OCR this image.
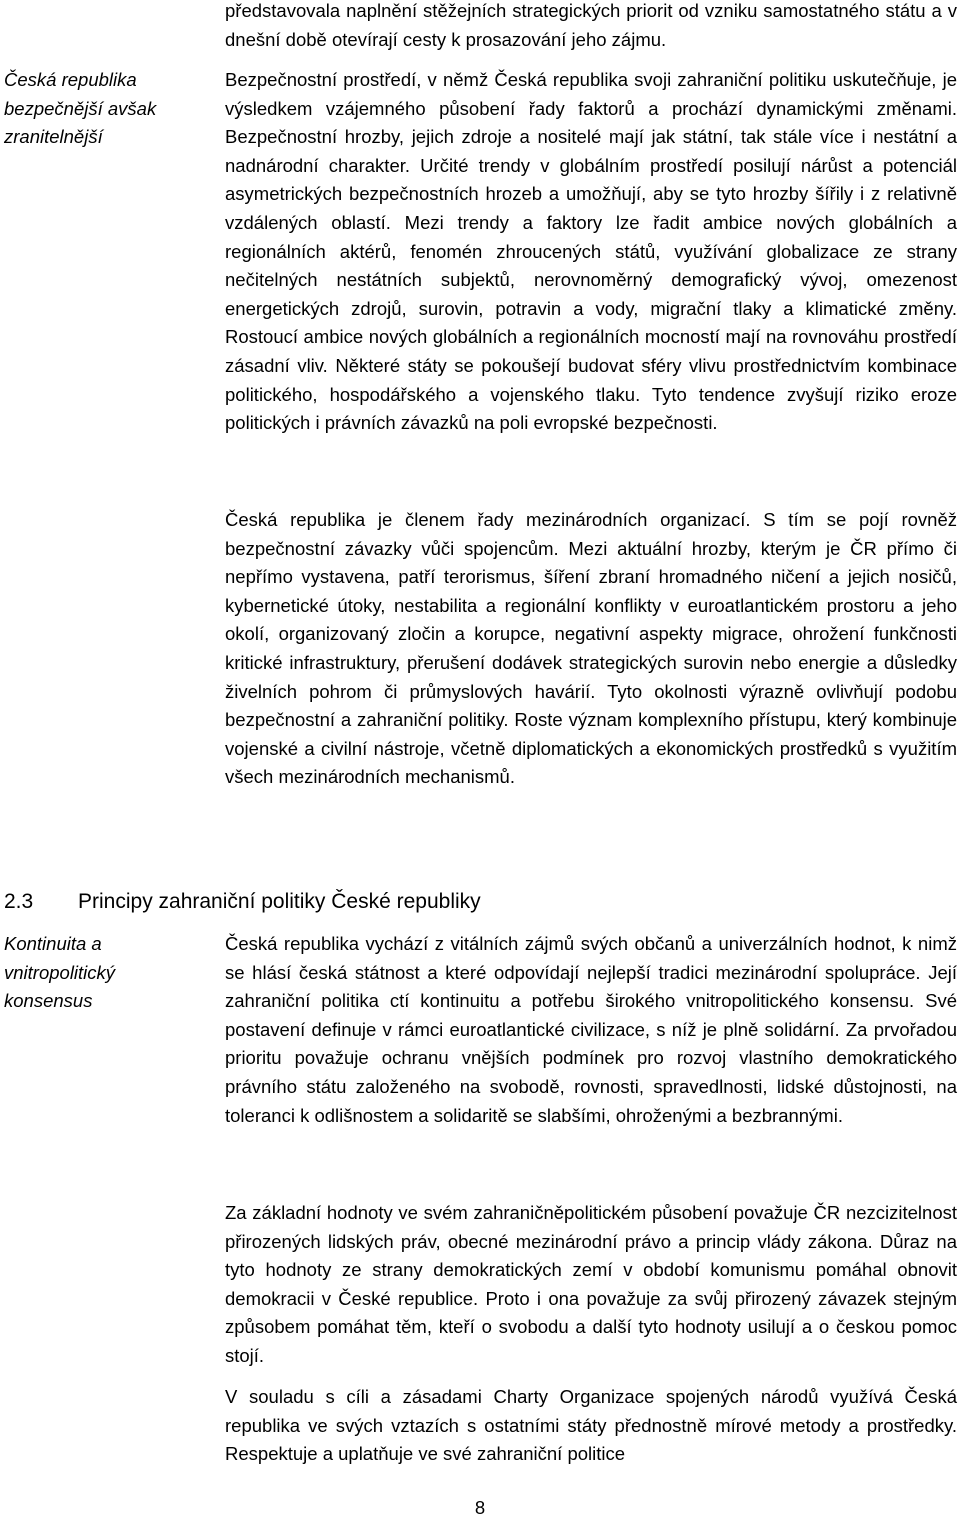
představovala naplnění stěžejních strategických priorit od vzniku samostatného státu a v dnešní době otevírají cesty k prosazování jeho zájmu.

Česká republika bezpečnější avšak zranitelnější

Bezpečnostní prostředí, v němž Česká republika svoji zahraniční politiku uskutečňuje, je výsledkem vzájemného působení řady faktorů a prochází dynamickými změnami. Bezpečnostní hrozby, jejich zdroje a nositelé mají jak státní, tak stále více i nestátní a nadnárodní charakter. Určité trendy v globálním prostředí posilují nárůst a potenciál asymetrických bezpečnostních hrozeb a umožňují, aby se tyto hrozby šířily i z relativně vzdálených oblastí. Mezi trendy a faktory lze řadit ambice nových globálních a regionálních aktérů, fenomén zhroucených států, využívání globalizace ze strany nečitelných nestátních subjektů, nerovnoměrný demografický vývoj, omezenost energetických zdrojů, surovin, potravin a vody, migrační tlaky a klimatické změny. Rostoucí ambice nových globálních a regionálních mocností mají na rovnováhu prostředí zásadní vliv. Některé státy se pokoušejí budovat sféry vlivu prostřednictvím kombinace politického, hospodářského a vojenského tlaku. Tyto tendence zvyšují riziko eroze politických i právních závazků na poli evropské bezpečnosti.

Česká republika je členem řady mezinárodních organizací. S tím se pojí rovněž bezpečnostní závazky vůči spojencům. Mezi aktuální hrozby, kterým je ČR přímo či nepřímo vystavena, patří terorismus, šíření zbraní hromadného ničení a jejich nosičů, kybernetické útoky, nestabilita a regionální konflikty v euroatlantickém prostoru a jeho okolí, organizovaný zločin a korupce, negativní aspekty migrace, ohrožení funkčnosti kritické infrastruktury, přerušení dodávek strategických surovin nebo energie a důsledky živelních pohrom či průmyslových havárií. Tyto okolnosti výrazně ovlivňují podobu bezpečnostní a zahraniční politiky. Roste význam komplexního přístupu, který kombinuje vojenské a civilní nástroje, včetně diplomatických a ekonomických prostředků s využitím všech mezinárodních mechanismů.

2.3 Principy zahraniční politiky České republiky
Kontinuita a vnitropolitický konsensus

Česká republika vychází z vitálních zájmů svých občanů a univerzálních hodnot, k nimž se hlásí česká státnost a které odpovídají nejlepší tradici mezinárodní spolupráce. Její zahraniční politika ctí kontinuitu a potřebu širokého vnitropolitického konsensu. Své postavení definuje v rámci euroatlantické civilizace, s níž je plně solidární. Za prvořadou prioritu považuje ochranu vnějších podmínek pro rozvoj vlastního demokratického právního státu založeného na svobodě, rovnosti, spravedlnosti, lidské důstojnosti, na toleranci k odlišnostem a solidaritě se slabšími, ohroženými a bezbrannými.

Za základní hodnoty ve svém zahraničněpolitickém působení považuje ČR nezcizitelnost přirozených lidských práv, obecné mezinárodní právo a princip vlády zákona. Důraz na tyto hodnoty ze strany demokratických zemí v období komunismu pomáhal obnovit demokracii v České republice. Proto i ona považuje za svůj přirozený závazek stejným způsobem pomáhat těm, kteří o svobodu a další tyto hodnoty usilují a o českou pomoc stojí.

V souladu s cíli a zásadami Charty Organizace spojených národů využívá Česká republika ve svých vztazích s ostatními státy přednostně mírové metody a prostředky. Respektuje a uplatňuje ve své zahraniční politice

8
